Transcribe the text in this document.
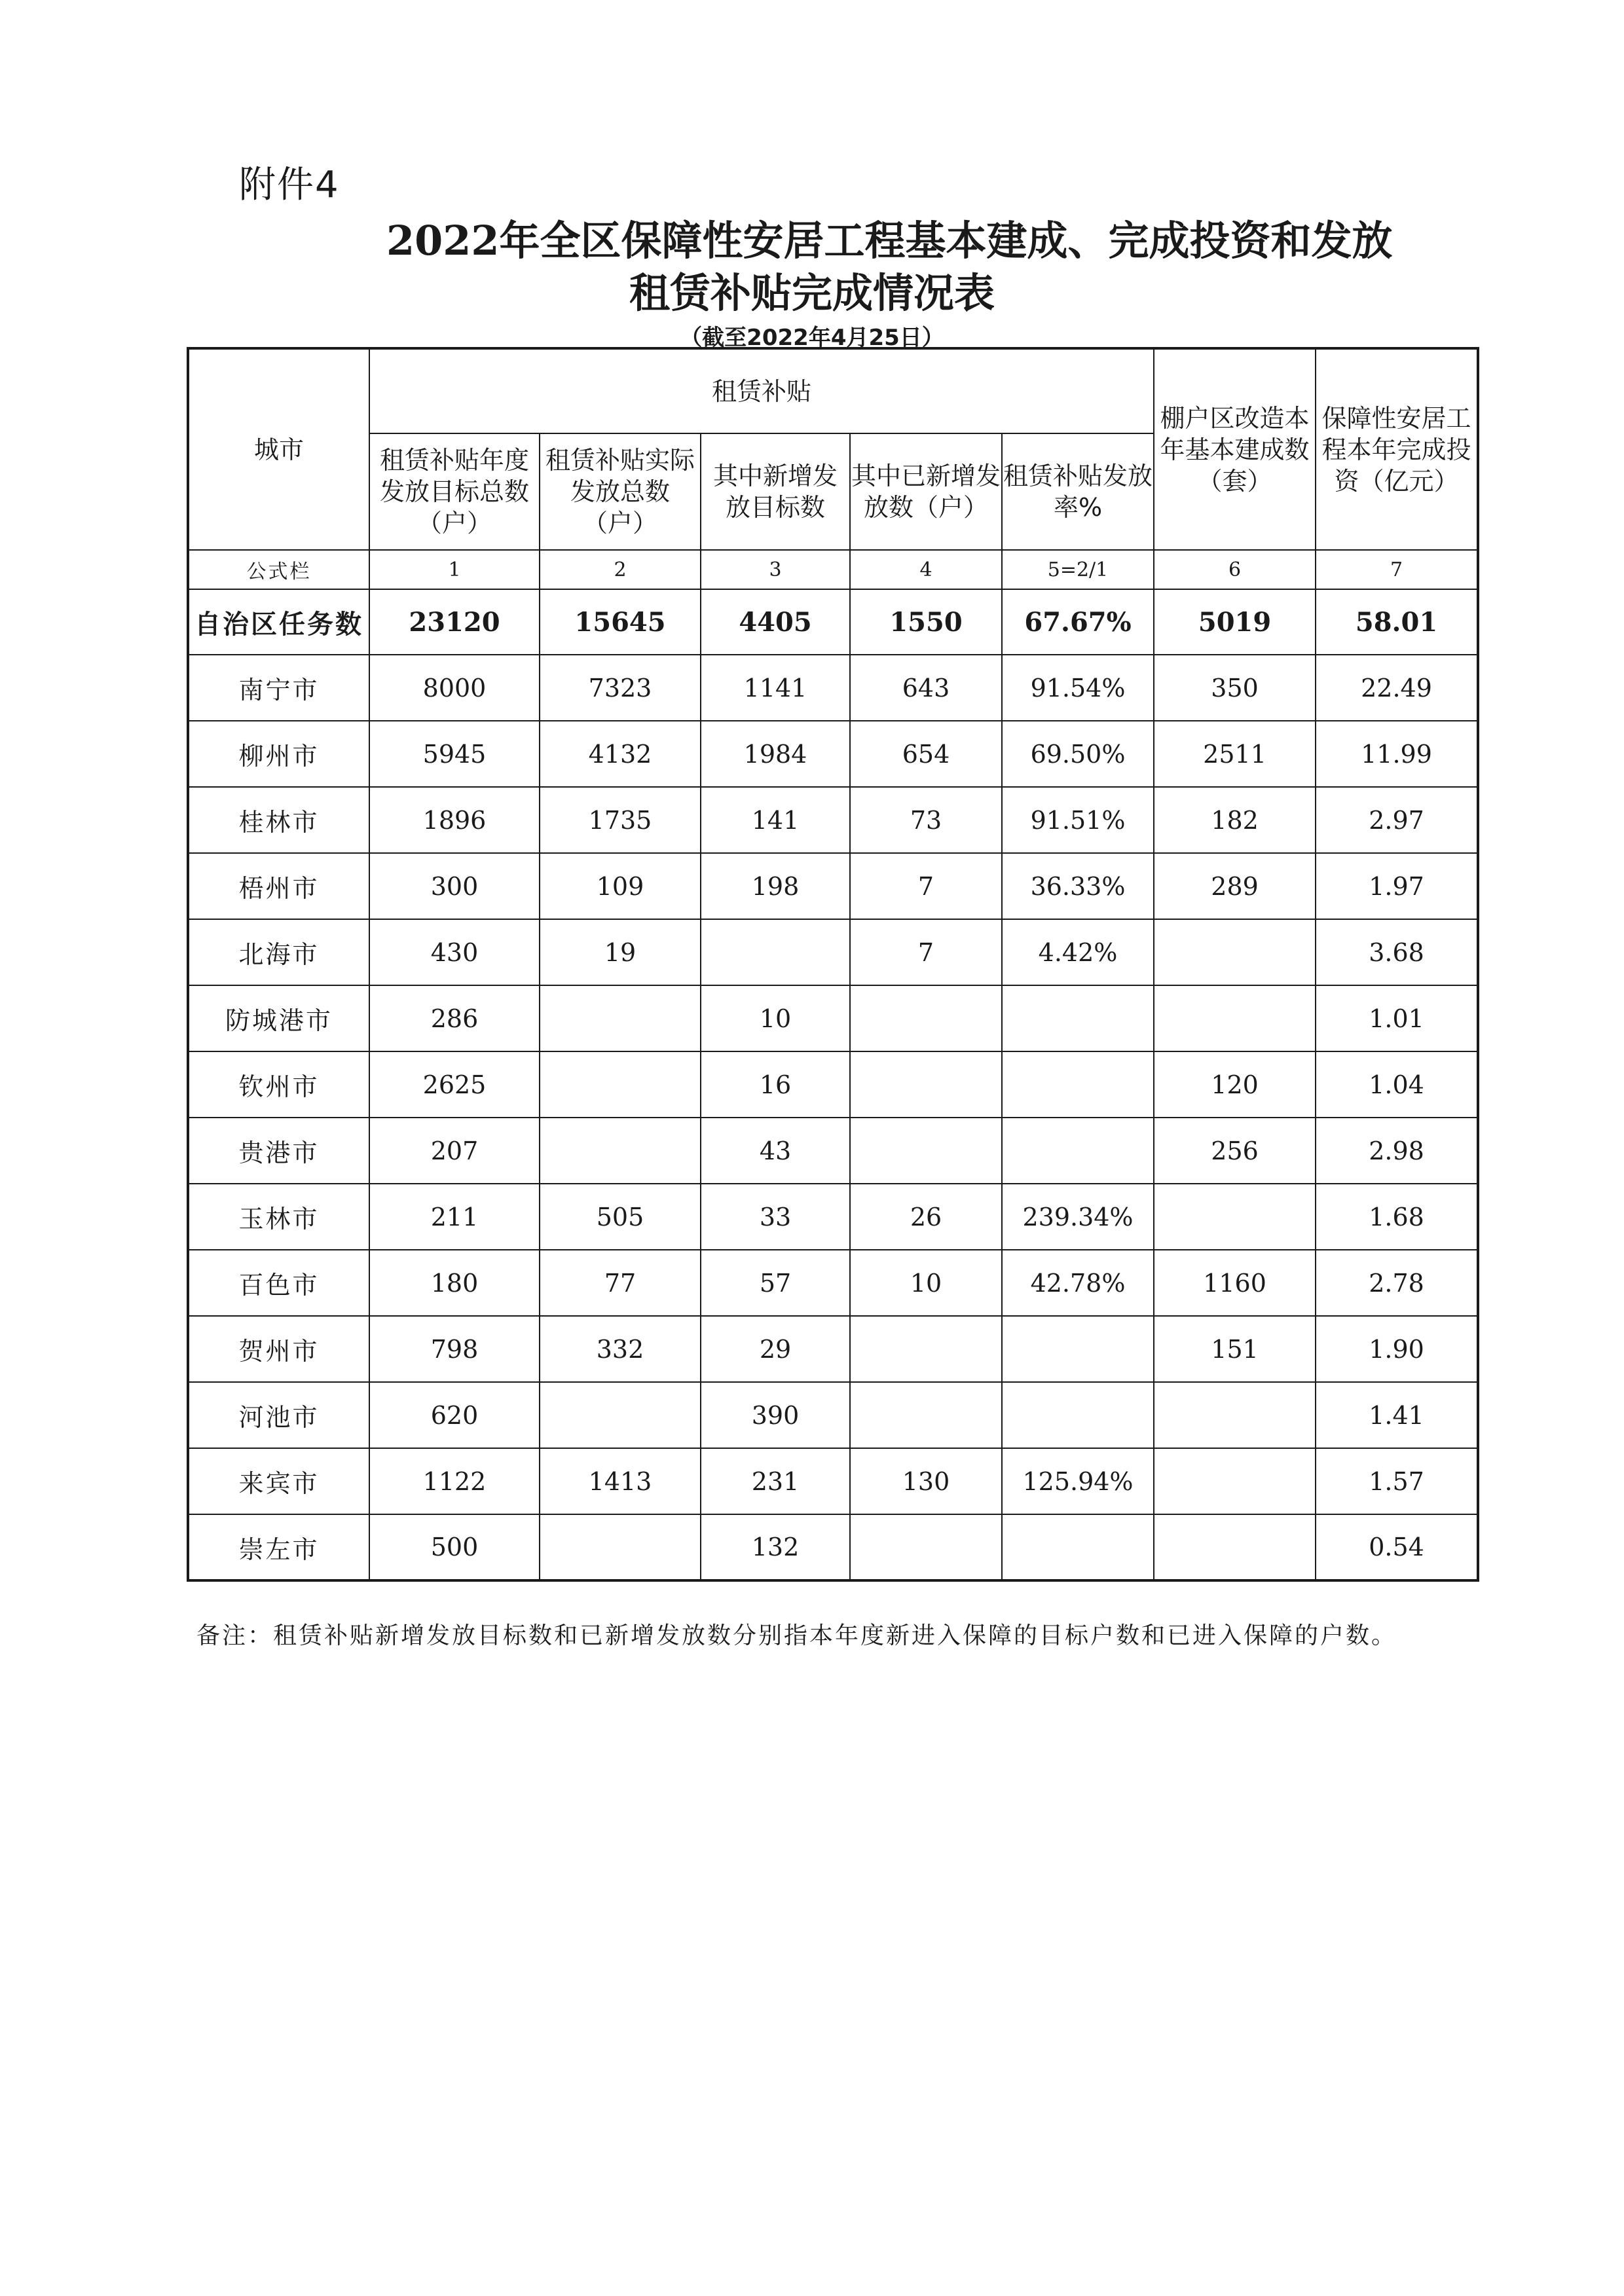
附件4
2022年全区保障性安居工程基本建成、完成投资和发放
租赁补贴完成情况表
（截至2022年4月25日）
城市	租赁补贴					棚户区改造本年基本建成数（套）	保障性安居工程本年完成投资（亿元）
	租赁补贴年度发放目标总数（户）	租赁补贴实际发放总数（户）	其中新增发放目标数	其中已新增发放数（户）	租赁补贴发放率%		
公式栏	1	2	3	4	5=2/1	6	7
自治区任务数	23120	15645	4405	1550	67.67%	5019	58.01
南宁市	8000	7323	1141	643	91.54%	350	22.49
柳州市	5945	4132	1984	654	69.50%	2511	11.99
桂林市	1896	1735	141	73	91.51%	182	2.97
梧州市	300	109	198	7	36.33%	289	1.97
北海市	430	19		7	4.42%		3.68
防城港市	286		10				1.01
钦州市	2625		16			120	1.04
贵港市	207		43			256	2.98
玉林市	211	505	33	26	239.34%		1.68
百色市	180	77	57	10	42.78%	1160	2.78
贺州市	798	332	29			151	1.90
河池市	620		390				1.41
来宾市	1122	1413	231	130	125.94%		1.57
崇左市	500		132				0.54
备注：租赁补贴新增发放目标数和已新增发放数分别指本年度新进入保障的目标户数和已进入保障的户数。
